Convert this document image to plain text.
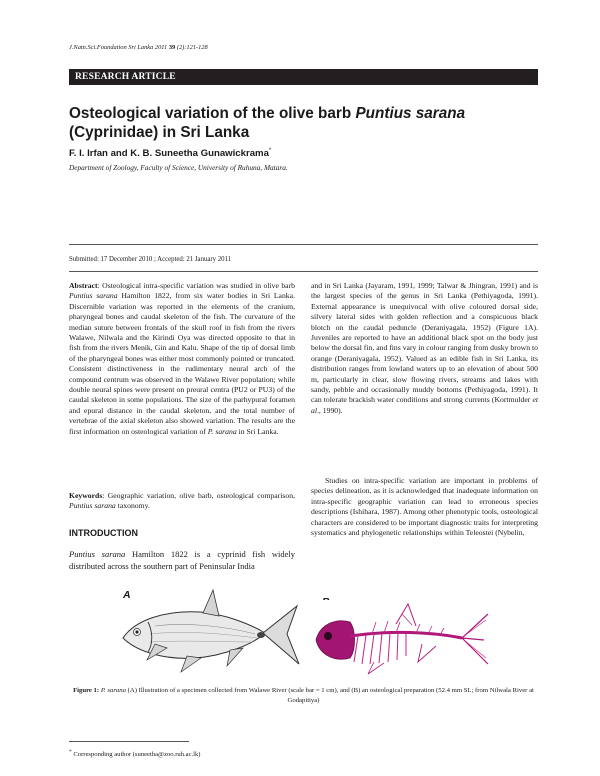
J.Natn.Sci.Foundation Sri Lanka 2011 39 (2):121-128
RESEARCH ARTICLE
Osteological variation of the olive barb Puntius sarana (Cyprinidae) in Sri Lanka
F. I. Irfan and K. B. Suneetha Gunawickrama*
Department of Zoology, Faculty of Science, University of Ruhuna, Matara.
Submitted: 17 December 2010 ; Accepted: 21 January 2011

Abstract: Osteological intra-specific variation was studied in olive barb Puntius sarana Hamilton 1822, from six water bodies in Sri Lanka. Discernible variation was reported in the elements of the cranium, pharyngeal bones and caudal skeleton of the fish. The curvature of the median suture between frontals of the skull roof in fish from the rivers Walawe, Nilwala and the Kirindi Oya was directed opposite to that in fish from the rivers Menik, Gin and Kalu. Shape of the tip of dorsal limb of the pharyngeal bones was either most commonly pointed or truncated. Consistent distinctiveness in the rudimentary neural arch of the compound centrum was observed in the Walawe River population; while double neural spines were present on preural centra (PU2 or PU3) of the caudal skeleton in some populations. The size of the parhypural foramen and epural distance in the caudal skeleton, and the total number of vertebrae of the axial skeleton also showed variation. The results are the first information on osteological variation of P. sarana in Sri Lanka.

Keywords: Geographic variation, olive barb, osteological comparison, Puntius sarana taxonomy.

INTRODUCTION

Puntius sarana Hamilton 1822 is a cyprinid fish widely distributed across the southern part of Peninsular India

and in Sri Lanka (Jayaram, 1991, 1999; Talwar & Jhingran, 1991) and is the largest species of the genus in Sri Lanka (Pethiyagoda, 1991). External appearance is unequivocal with olive coloured dorsal side, silvery lateral sides with golden reflection and a conspicuous black blotch on the caudal peduncle (Deraniyagala, 1952) (Figure 1A). Juveniles are reported to have an additional black spot on the body just below the dorsal fin, and fins vary in colour ranging from dusky brown to orange (Deraniyagala, 1952). Valued as an edible fish in Sri Lanka, its distribution ranges from lowland waters up to an elevation of about 500 m, particularly in clear, slow flowing rivers, streams and lakes with sandy, pebble and occasionally muddy bottoms (Pethiyagoda, 1991). It can tolerate brackish water conditions and strong currents (Kortmulder et al., 1990).

Studies on intra-specific variation are important in problems of species delineation, as it is acknowledged that inadequate information on intra-specific geographic variation can lead to erroneous species descriptions (Ishihara, 1987). Among other phenotypic tools, osteological characters are considered to be important diagnostic traits for interpreting systematics and phylogenetic relationships within Teleostei (Nybelin,

A
Figure 1: P. sarana (A) Illustration of a specimen collected from Walawe River (scale bar = 1 cm), and (B) an osteological preparation (52.4 mm SL; from Nilwala River at Godapitiya)
* Corresponding author (suneetha@zoo.ruh.ac.lk)
